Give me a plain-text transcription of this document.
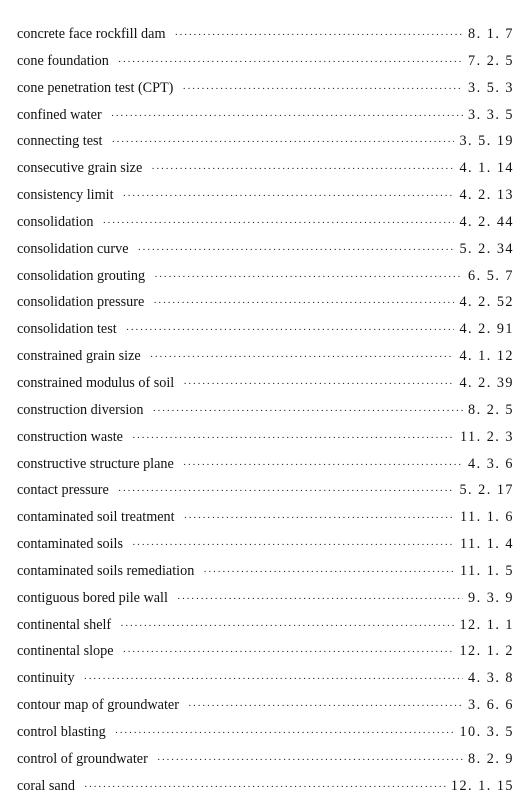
concrete face rockfill dam ·····	8. 1. 7
cone foundation ·····	7. 2. 5
cone penetration test (CPT) ·····	3. 5. 3
confined water ·····	3. 3. 5
connecting test ·····	3. 5. 19
consecutive grain size ·····	4. 1. 14
consistency limit ·····	4. 2. 13
consolidation ·····	4. 2. 44
consolidation curve ·····	5. 2. 34
consolidation grouting ·····	6. 5. 7
consolidation pressure ·····	4. 2. 52
consolidation test ·····	4. 2. 91
constrained grain size ·····	4. 1. 12
constrained modulus of soil ·····	4. 2. 39
construction diversion ·····	8. 2. 5
construction waste ·····	11. 2. 3
constructive structure plane ·····	4. 3. 6
contact pressure ·····	5. 2. 17
contaminated soil treatment ·····	11. 1. 6
contaminated soils ·····	11. 1. 4
contaminated soils remediation ·····	11. 1. 5
contiguous bored pile wall ·····	9. 3. 9
continental shelf ·····	12. 1. 1
continental slope ·····	12. 1. 2
continuity ·····	4. 3. 8
contour map of groundwater ·····	3. 6. 6
control blasting ·····	10. 3. 5
control of groundwater ·····	8. 2. 9
coral sand ·····	12. 1. 15
